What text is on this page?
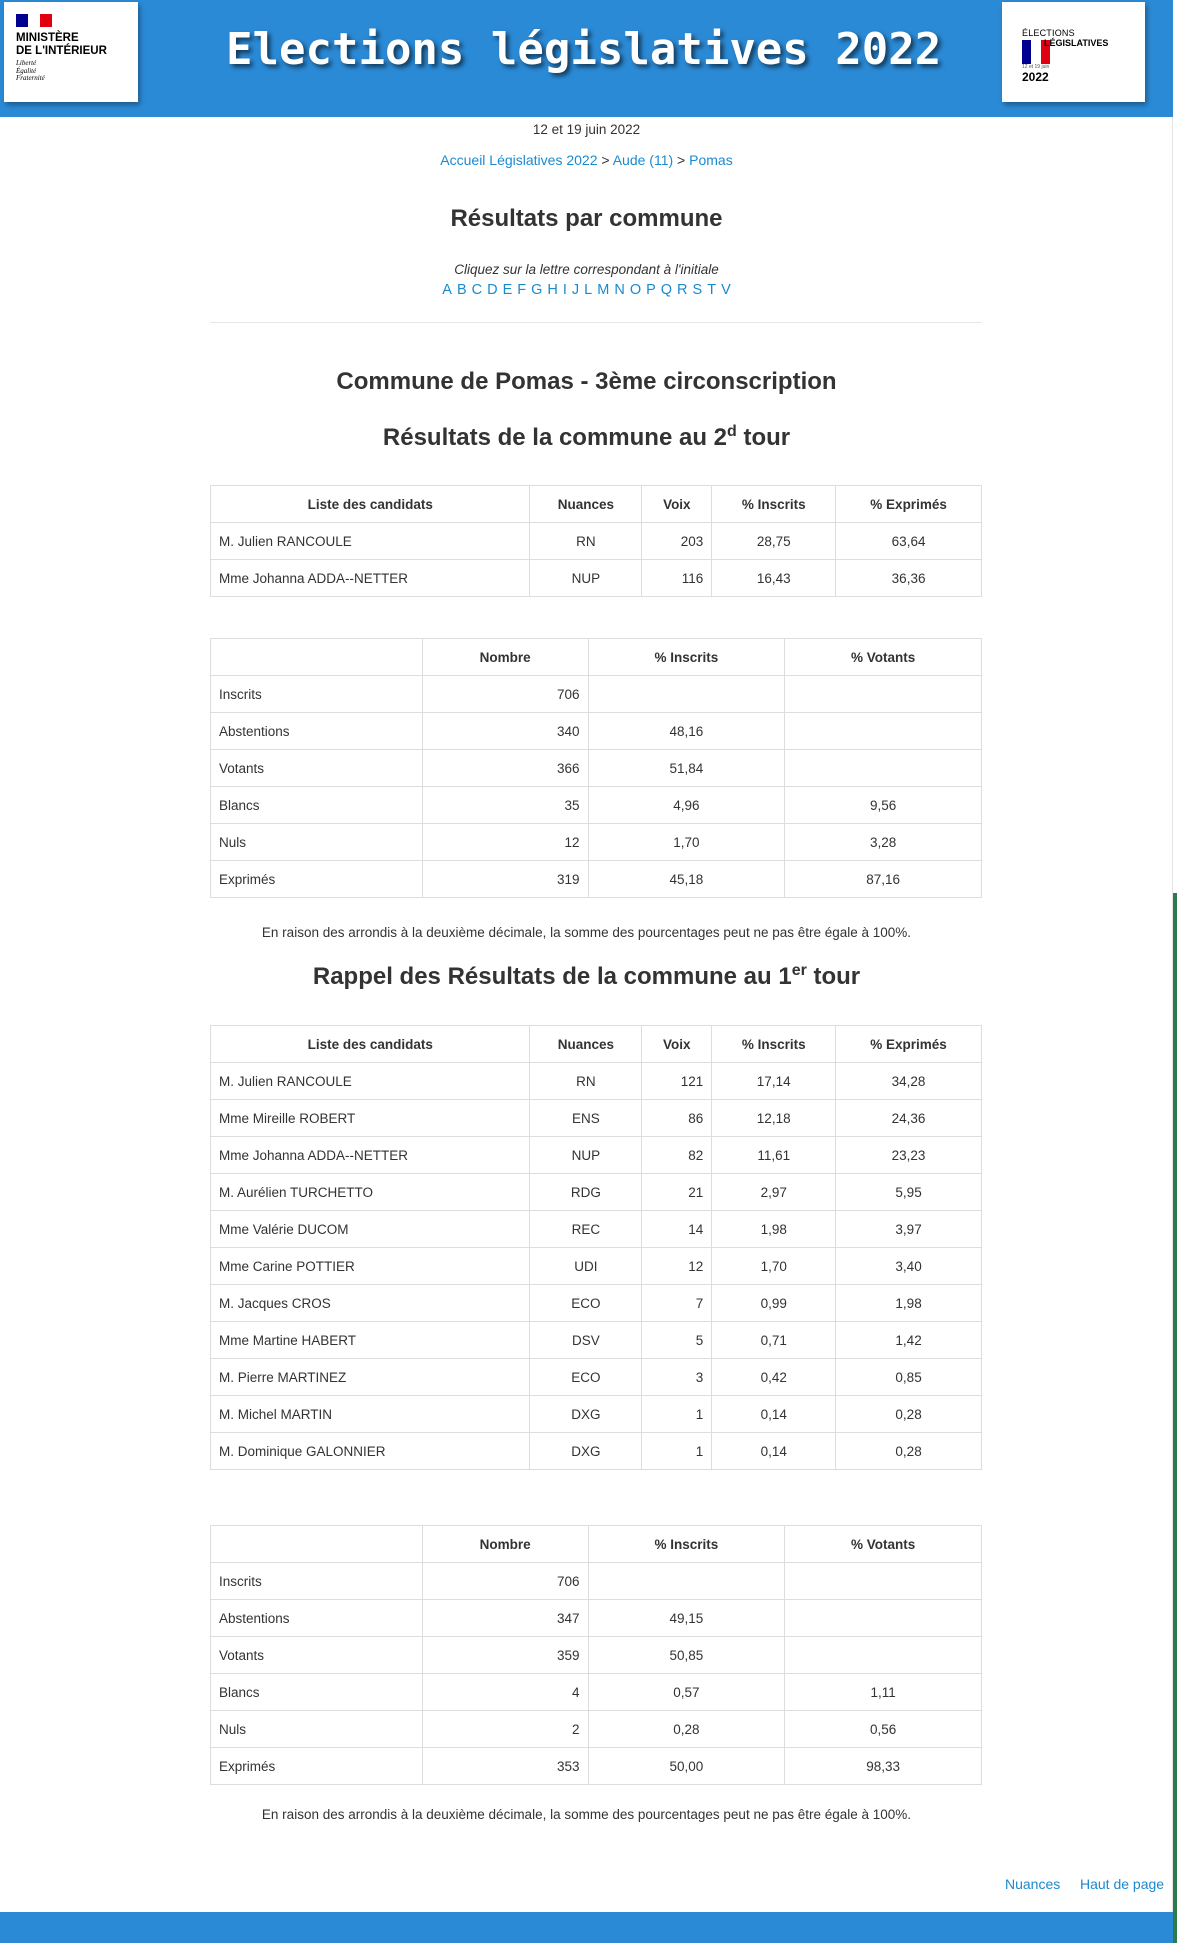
MINISTÈRE
DE L'INTÉRIEUR
Liberté
Égalité
Fraternité
Elections législatives 2022	ÉLECTIONS
LÉGISLATIVES
12 et 19 juin
2022
12 et 19 juin 2022
Accueil Législatives 2022 > Aude (11) > Pomas
Résultats par commune
Cliquez sur la lettre correspondant à l'initiale
A B C D E F G H I J L M N O P Q R S T V
Commune de Pomas - 3ème circonscription
Résultats de la commune au 2$^d$ tour
Liste des candidats	Nuances	Voix	% Inscrits	% Exprimés
M. Julien RANCOULE	RN	203	28,75	63,64
Mme Johanna ADDA--NETTER	NUP	116	16,43	36,36
	Nombre	% Inscrits	% Votants
Inscrits	706		
Abstentions	340	48,16	
Votants	366	51,84	
Blancs	35	4,96	9,56
Nuls	12	1,70	3,28
Exprimés	319	45,18	87,16
En raison des arrondis à la deuxième décimale, la somme des pourcentages peut ne pas être égale à 100%.
Rappel des Résultats de la commune au 1er tour
Liste des candidats	Nuances	Voix	% Inscrits	% Exprimés
M. Julien RANCOULE	RN	121	17,14	34,28
Mme Mireille ROBERT	ENS	86	12,18	24,36
Mme Johanna ADDA--NETTER	NUP	82	11,61	23,23
M. Aurélien TURCHETTO	RDG	21	2,97	5,95
Mme Valérie DUCOM	REC	14	1,98	3,97
Mme Carine POTTIER	UDI	12	1,70	3,40
M. Jacques CROS	ECO	7	0,99	1,98
Mme Martine HABERT	DSV	5	0,71	1,42
M. Pierre MARTINEZ	ECO	3	0,42	0,85
M. Michel MARTIN	DXG	1	0,14	0,28
M. Dominique GALONNIER	DXG	1	0,14	0,28
	Nombre	% Inscrits	% Votants
Inscrits	706		
Abstentions	347	49,15	
Votants	359	50,85	
Blancs	4	0,57	1,11
Nuls	2	0,28	0,56
Exprimés	353	50,00	98,33
En raison des arrondis à la deuxième décimale, la somme des pourcentages peut ne pas être égale à 100%.
Nuances Haut de page
